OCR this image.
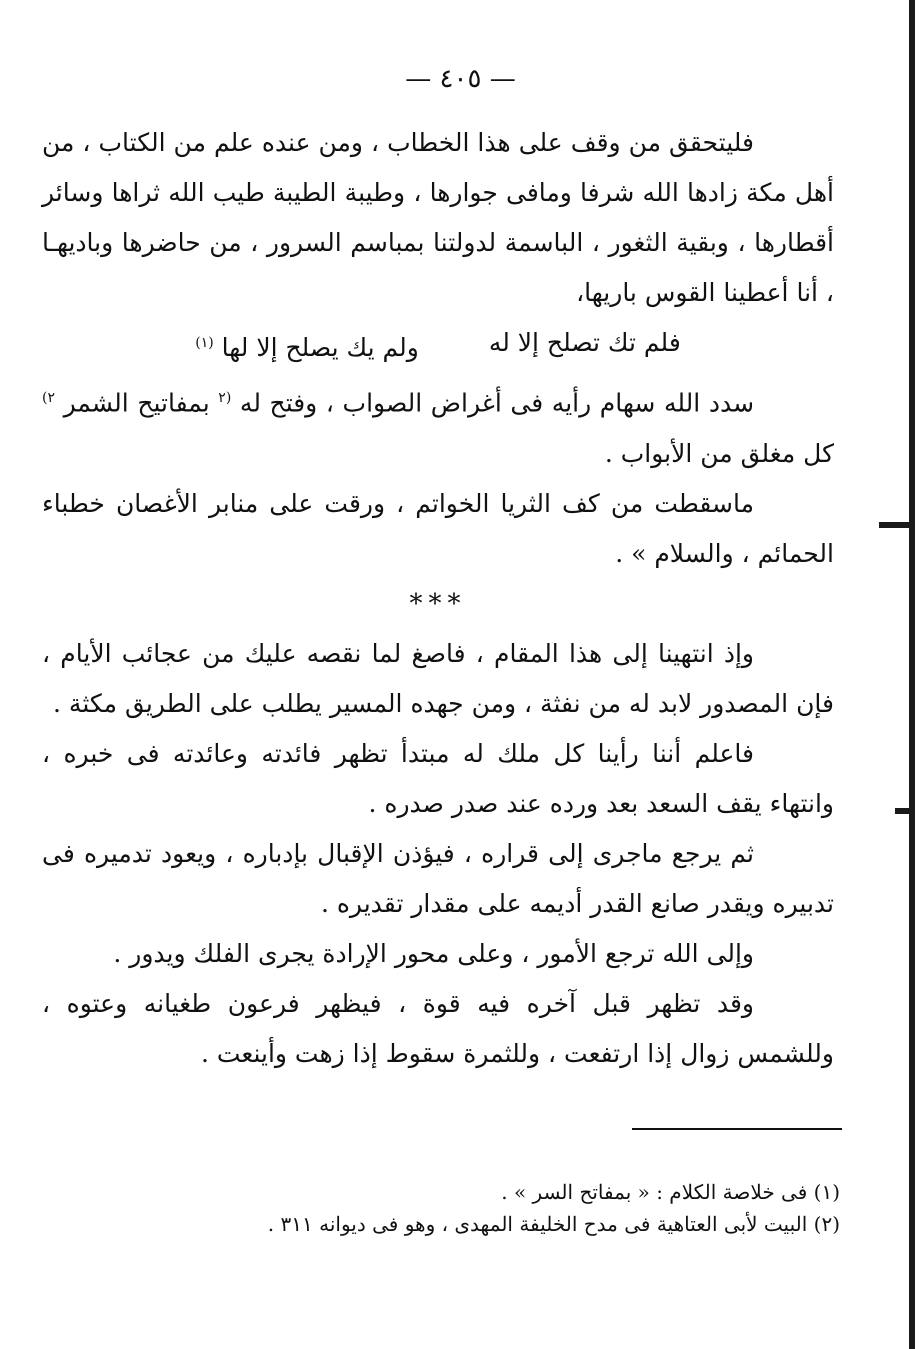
— ٤٠٥ —

فليتحقق من وقف على هذا الخطاب ، ومن عنده علم من الكتاب ، من أهل مكة زادها الله شرفا ومافى جوارها ، وطيبة الطيبة طيب الله ثراها وسائر أقطارها ، وبقية الثغور ، الباسمة لدولتنا بمباسم السرور ، من حاضرها وباديهـا ، أنا أعطينا القوس باريها،

فلم تك تصلح إلا له
ولم يك يصلح إلا لها $^{(١)}$

سدد الله سهام رأيه فى أغراض الصواب ، وفتح له $^{(٢}$ بمفاتيح الشمر $^{٢)}$ كل مغلق من الأبواب .

ماسقطت من كف الثريا الخواتم ، ورقت على منابر الأغصان خطباء الحمائم ، والسلام » .

***

وإذ انتهينا إلى هذا المقام ، فاصغ لما نقصه عليك من عجائب الأيام ، فإن المصدور لابد له من نفثة ، ومن جهده المسير يطلب على الطريق مكثة .

فاعلم أننا رأينا كل ملك له مبتدأ تظهر فائدته وعائدته فى خبره ، وانتهاء يقف السعد بعد ورده عند صدر صدره .

ثم يرجع ماجرى إلى قراره ، فيؤذن الإقبال بإدباره ، ويعود تدميره فى تدبيره ويقدر صانع القدر أديمه على مقدار تقديره .

وإلى الله ترجع الأمور ، وعلى محور الإرادة يجرى الفلك ويدور .

وقد تظهر قبل آخره فيه قوة ، فيظهر فرعون طغيانه وعتوه ، وللشمس زوال إذا ارتفعت ، وللثمرة سقوط إذا زهت وأينعت .

(١) فى خلاصة الكلام : « بمفاتح السر » .

(٢) البيت لأبى العتاهية فى مدح الخليفة المهدى ، وهو فى ديوانه ٣١١ .
